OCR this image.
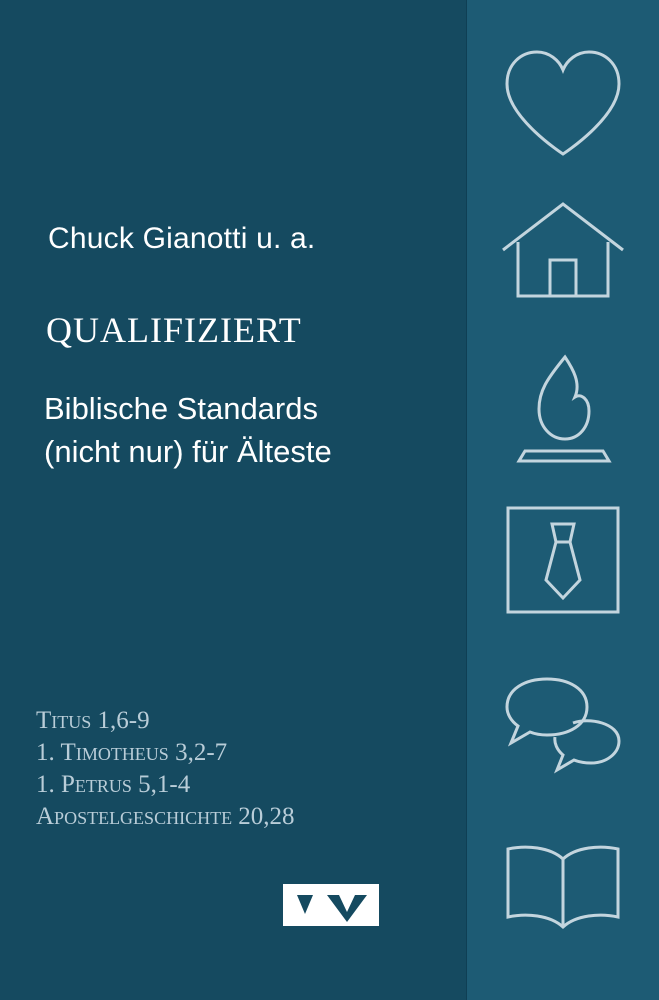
Chuck Gianotti u. a.
qualifiziert
Biblische Standards
(nicht nur) für Älteste
Titus 1,6-9
1. Timotheus 3,2-7
1. Petrus 5,1-4
Apostelgeschichte 20,28
